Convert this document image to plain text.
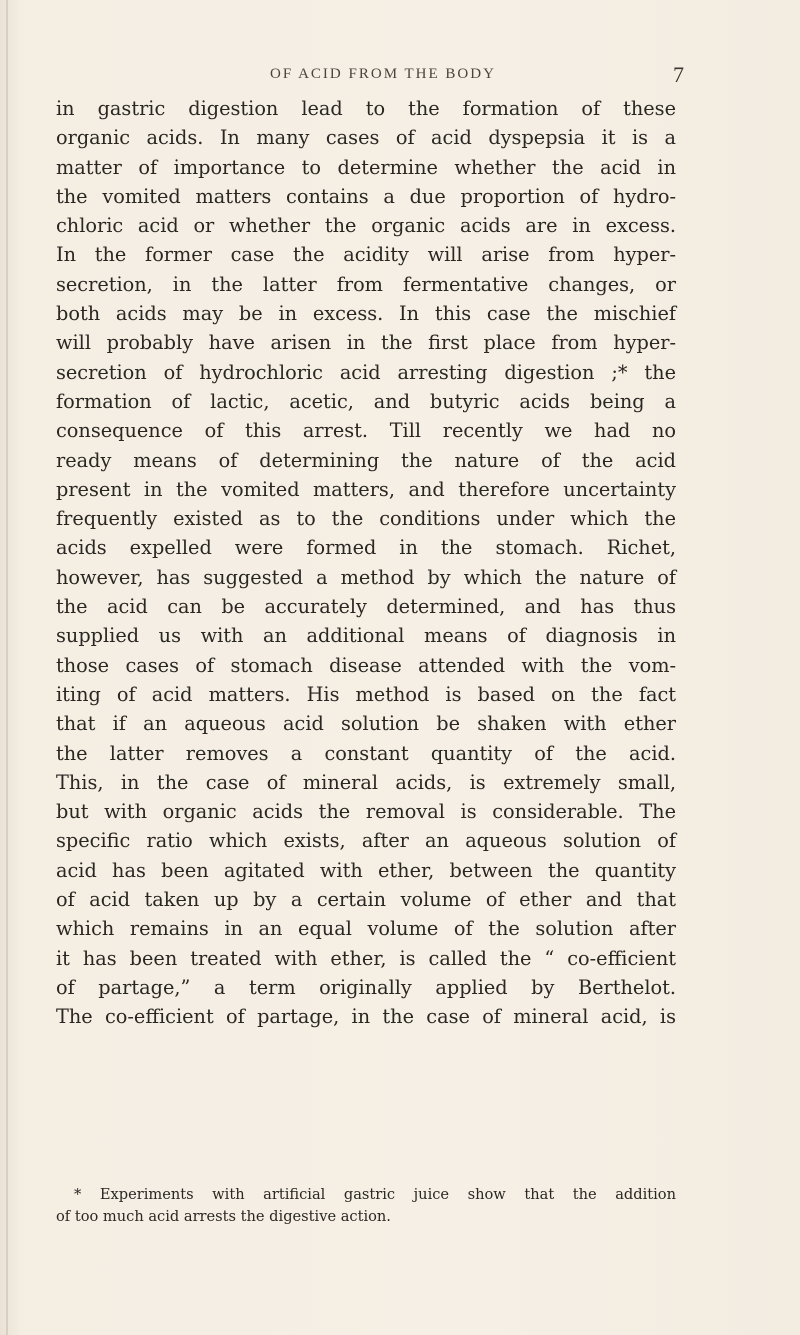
OF ACID FROM THE BODY	7
in gastric digestion lead to the formation of these
organic acids. In many cases of acid dyspepsia it is a
matter of importance to determine whether the acid in
the vomited matters contains a due proportion of hydro-
chloric acid or whether the organic acids are in excess.
In the former case the acidity will arise from hyper-
secretion, in the latter from fermentative changes, or
both acids may be in excess. In this case the mischief
will probably have arisen in the first place from hyper-
secretion of hydrochloric acid arresting digestion ;* the
formation of lactic, acetic, and butyric acids being a
consequence of this arrest. Till recently we had no
ready means of determining the nature of the acid
present in the vomited matters, and therefore uncertainty
frequently existed as to the conditions under which the
acids expelled were formed in the stomach. Richet,
however, has suggested a method by which the nature of
the acid can be accurately determined, and has thus
supplied us with an additional means of diagnosis in
those cases of stomach disease attended with the vom-
iting of acid matters. His method is based on the fact
that if an aqueous acid solution be shaken with ether
the latter removes a constant quantity of the acid.
This, in the case of mineral acids, is extremely small,
but with organic acids the removal is considerable. The
specific ratio which exists, after an aqueous solution of
acid has been agitated with ether, between the quantity
of acid taken up by a certain volume of ether and that
which remains in an equal volume of the solution after
it has been treated with ether, is called the “ co-efficient
of partage,” a term originally applied by Berthelot.
The co-efficient of partage, in the case of mineral acid, is
* Experiments with artificial gastric juice show that the addition
of too much acid arrests the digestive action.
